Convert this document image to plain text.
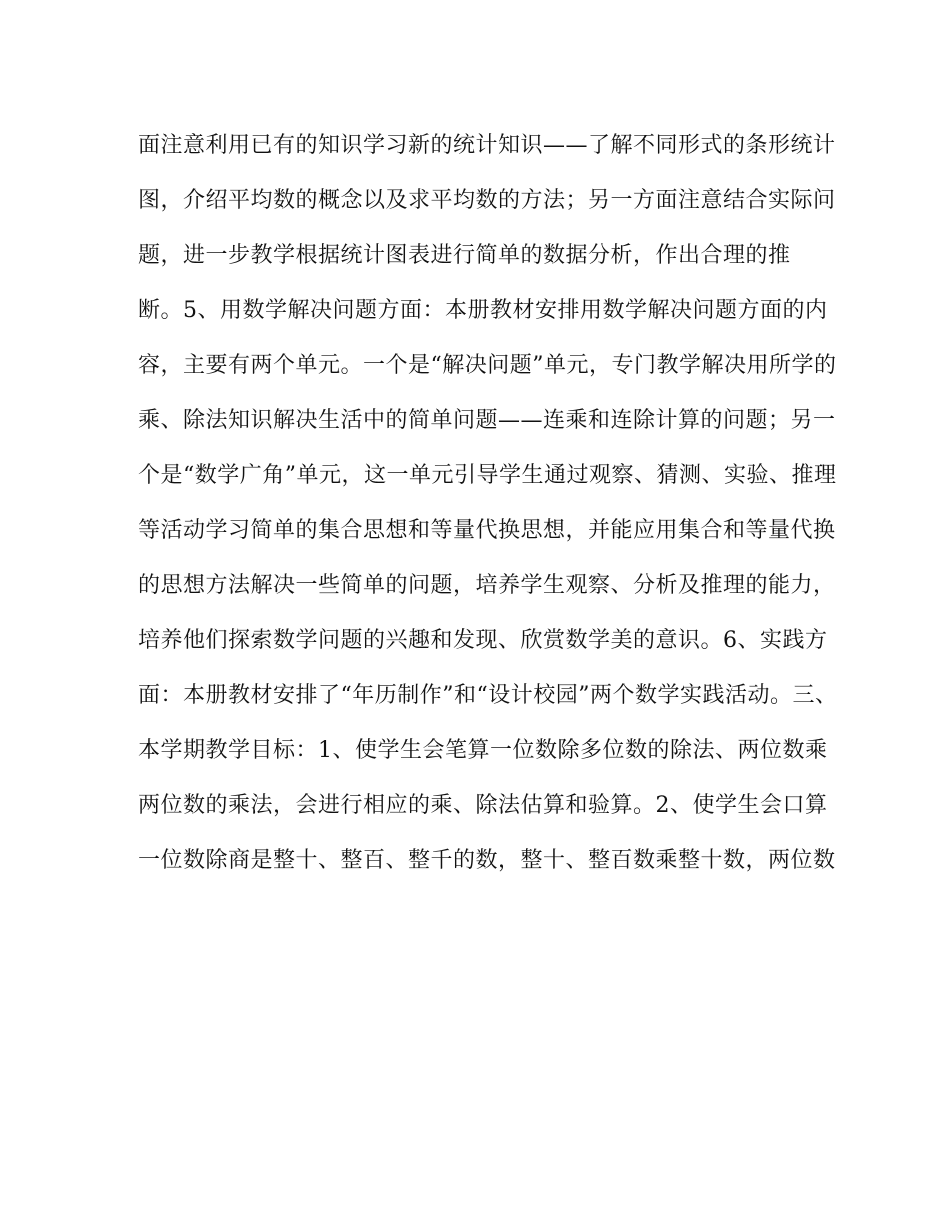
面注意利用已有的知识学习新的统计知识——了解不同形式的条形统计
图，介绍平均数的概念以及求平均数的方法；另一方面注意结合实际问
题，进一步教学根据统计图表进行简单的数据分析，作出合理的推
断。5、用数学解决问题方面：本册教材安排用数学解决问题方面的内
容，主要有两个单元。一个是“解决问题”单元，专门教学解决用所学的
乘、除法知识解决生活中的简单问题——连乘和连除计算的问题；另一
个是“数学广角”单元，这一单元引导学生通过观察、猜测、实验、推理
等活动学习简单的集合思想和等量代换思想，并能应用集合和等量代换
的思想方法解决一些简单的问题，培养学生观察、分析及推理的能力，
培养他们探索数学问题的兴趣和发现、欣赏数学美的意识。6、实践方
面：本册教材安排了“年历制作”和“设计校园”两个数学实践活动。三、
本学期教学目标：1、使学生会笔算一位数除多位数的除法、两位数乘
两位数的乘法，会进行相应的乘、除法估算和验算。2、使学生会口算
一位数除商是整十、整百、整千的数，整十、整百数乘整十数，两位数
